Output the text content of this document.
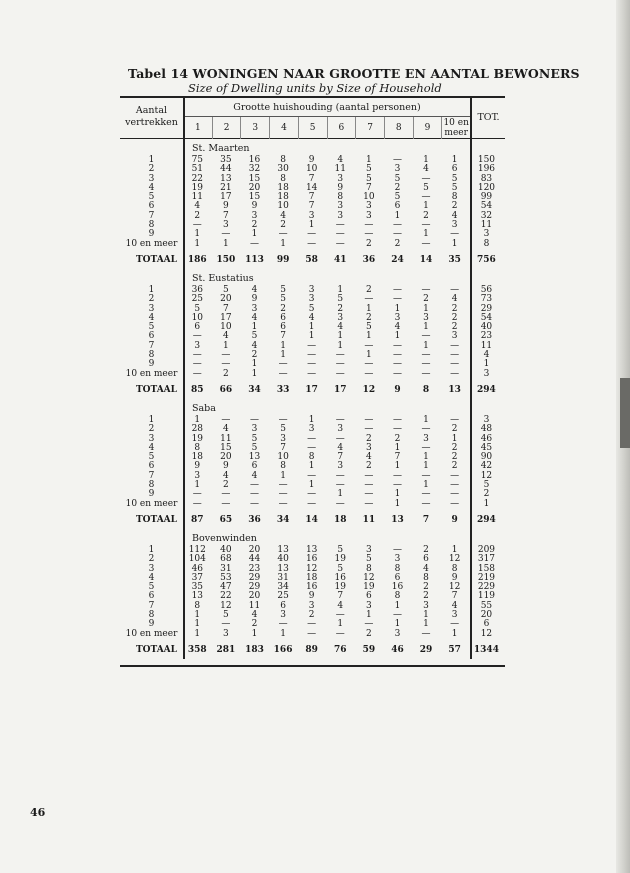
Tabel 14 WONINGEN NAAR GROOTTE EN AANTAL BEWONERS
Size of Dwelling units by Size of Household
Aantal vertrekken
Grootte huishouding (aantal personen)
1	2	3	4	5	6	7	8	9	10 en meer
TOT.
St. Maarten
1	75	35	16	8	9	4	1	—	1	1	150
2	51	44	32	30	10	11	5	3	4	6	196
3	22	13	15	8	7	3	5	5	—	5	83
4	19	21	20	18	14	9	7	2	5	5	120
5	11	17	15	18	7	8	10	5	—	8	99
6	4	9	9	10	7	3	3	6	1	2	54
7	2	7	3	4	3	3	3	1	2	4	32
8	—	3	2	2	1	—	—	—	—	3	11
9	1	—	1	—	—	—	—	—	1	—	3
10 en meer	1	1	—	1	—	—	2	2	—	1	8
TOTAAL	186	150	113	99	58	41	36	24	14	35	756
St. Eustatius
1	36	5	4	5	3	1	2	—	—	—	56
2	25	20	9	5	3	5	—	—	2	4	73
3	5	7	3	2	5	2	1	1	1	2	29
4	10	17	4	6	4	3	2	3	3	2	54
5	6	10	1	6	1	4	5	4	1	2	40
6	—	4	5	7	1	1	1	1	—	3	23
7	3	1	4	1	—	1	—	—	1	—	11
8	—	—	2	1	—	—	1	—	—	—	4
9	—	—	1	—	—	—	—	—	—	—	1
10 en meer	—	2	1	—	—	—	—	—	—	—	3
TOTAAL	85	66	34	33	17	17	12	9	8	13	294
Saba
1	1	—	—	—	1	—	—	—	1	—	3
2	28	4	3	5	3	3	—	—	—	2	48
3	19	11	5	3	—	—	2	2	3	1	46
4	8	15	5	7	—	4	3	1	—	2	45
5	18	20	13	10	8	7	4	7	1	2	90
6	9	9	6	8	1	3	2	1	1	2	42
7	3	4	4	1	—	—	—	—	—	—	12
8	1	2	—	—	1	—	—	—	1	—	5
9	—	—	—	—	—	1	—	1	—	—	2
10 en meer	—	—	—	—	—	—	—	1	—	—	1
TOTAAL	87	65	36	34	14	18	11	13	7	9	294
Bovenwinden
1	112	40	20	13	13	5	3	—	2	1	209
2	104	68	44	40	16	19	5	3	6	12	317
3	46	31	23	13	12	5	8	8	4	8	158
4	37	53	29	31	18	16	12	6	8	9	219
5	35	47	29	34	16	19	19	16	2	12	229
6	13	22	20	25	9	7	6	8	2	7	119
7	8	12	11	6	3	4	3	1	3	4	55
8	1	5	4	3	2	—	1	—	1	3	20
9	1	—	2	—	—	1	—	1	1	—	6
10 en meer	1	3	1	1	—	—	2	3	—	1	12
TOTAAL	358	281	183	166	89	76	59	46	29	57	1344
46
